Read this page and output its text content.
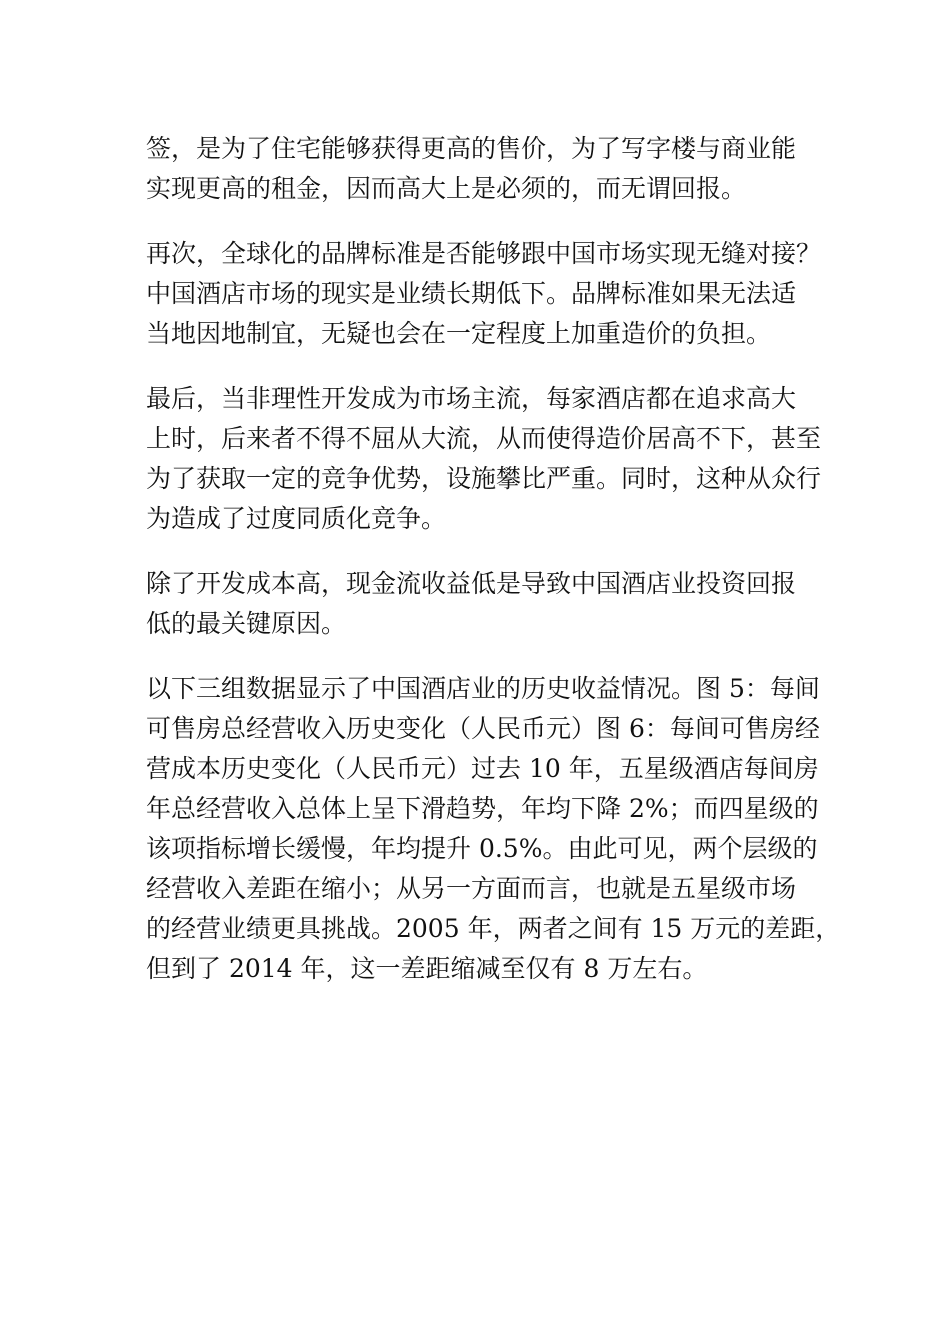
签，是为了住宅能够获得更高的售价，为了写字楼与商业能
实现更高的租金，因而高大上是必须的，而无谓回报。
再次，全球化的品牌标准是否能够跟中国市场实现无缝对接？
中国酒店市场的现实是业绩长期低下。品牌标准如果无法适
当地因地制宜，无疑也会在一定程度上加重造价的负担。
最后，当非理性开发成为市场主流，每家酒店都在追求高大
上时，后来者不得不屈从大流，从而使得造价居高不下，甚至
为了获取一定的竞争优势，设施攀比严重。同时，这种从众行
为造成了过度同质化竞争。
除了开发成本高，现金流收益低是导致中国酒店业投资回报
低的最关键原因。
以下三组数据显示了中国酒店业的历史收益情况。图 5：每间
可售房总经营收入历史变化（人民币元）图 6：每间可售房经
营成本历史变化（人民币元）过去 10 年，五星级酒店每间房
年总经营收入总体上呈下滑趋势，年均下降 2%；而四星级的
该项指标增长缓慢，年均提升 0.5%。由此可见，两个层级的
经营收入差距在缩小；从另一方面而言，也就是五星级市场
的经营业绩更具挑战。2005 年，两者之间有 15 万元的差距，
但到了 2014 年，这一差距缩减至仅有 8 万左右。
